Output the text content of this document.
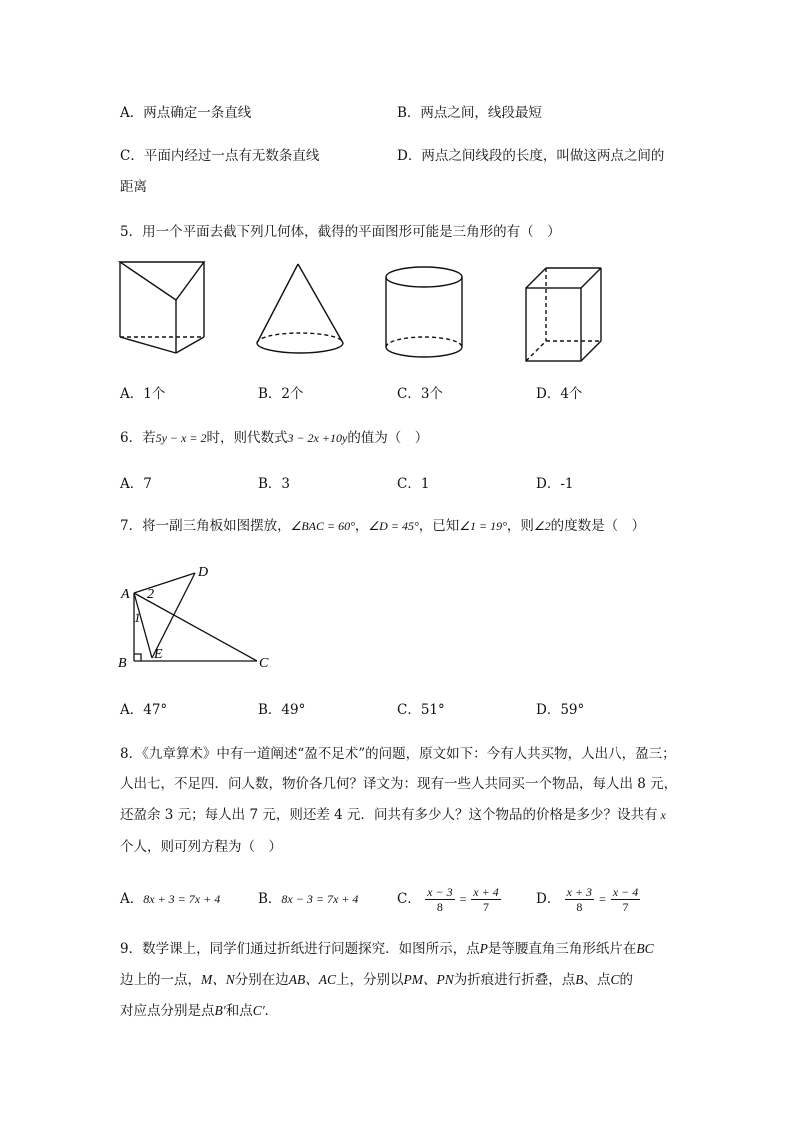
A．两点确定一条直线	B．两点之间，线段最短
C．平面内经过一点有无数条直线	D．两点之间线段的长度，叫做这两点之间的
距离
5．用一个平面去截下列几何体，截得的平面图形可能是三角形的有（　）
A．1个	B．2个	C．3个	D．4个
6．若5y − x = 2时，则代数式3 − 2x +10y的值为（　）
A．7	B．3	C．1	D．-1
7．将一副三角板如图摆放，∠BAC = 60°，∠D = 45°，已知∠1 = 19°，则∠2的度数是（　）
D
A 2
1
E
B	C
A．47°	B．49°	C．51°	D．59°
8．《九章算术》中有一道阐述“盈不足术”的问题，原文如下：今有人共买物，人出八，盈三；
人出七，不足四．问人数，物价各几何？译文为：现有一些人共同买一个物品，每人出 8 元，
还盈余 3 元；每人出 7 元，则还差 4 元．问共有多少人？这个物品的价格是多少？设共有 x
个人，则可列方程为（　）
A．8x + 3 = 7x + 4	B．8x − 3 = 7x + 4	C． $\frac{x - 3}{8} = \frac{x + 4}{7}$	D． $\frac{x + 3}{8} = \frac{x - 4}{7}$
9．数学课上，同学们通过折纸进行问题探究．如图所示，点P是等腰直角三角形纸片在BC
边上的一点，M、N分别在边AB、AC上，分别以PM、PN为折痕进行折叠，点B、点C的
对应点分别是点B′和点C′．
